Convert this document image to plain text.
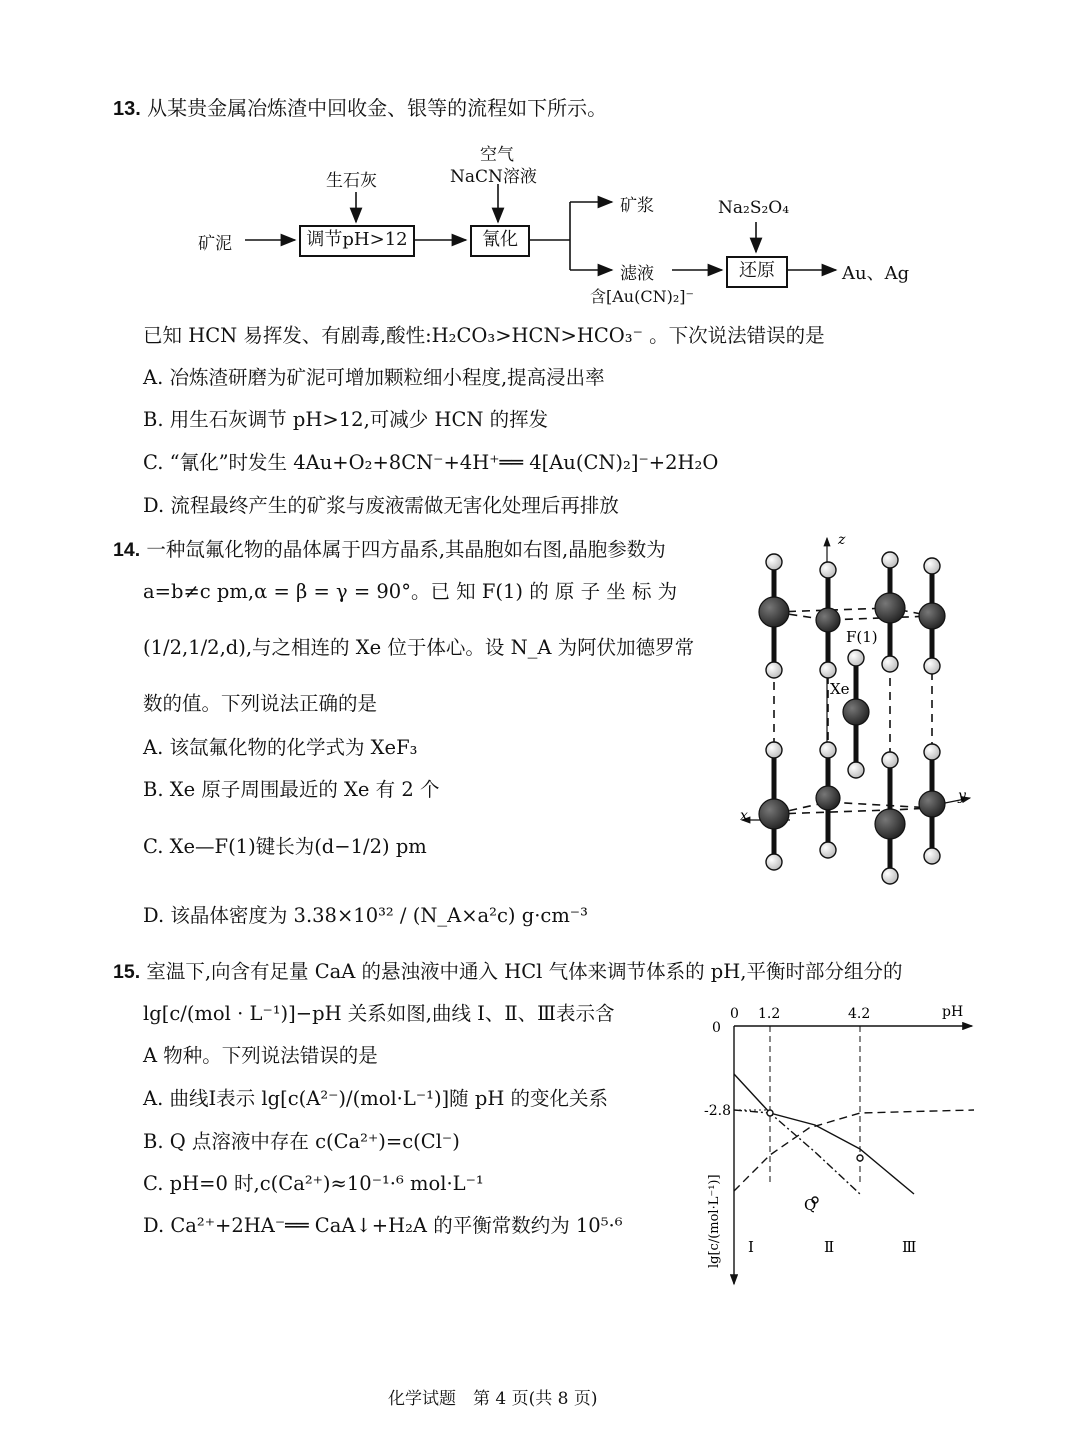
13. 从某贵金属冶炼渣中回收金、银等的流程如下所示。
矿泥
生石灰
调节pH>12
空气
NaCN溶液
氰化
矿浆
滤液
含[Au(CN)₂]⁻
Na₂S₂O₄
还原	Au、Ag
已知 HCN 易挥发、有剧毒,酸性:H₂CO₃>HCN>HCO₃⁻ 。下次说法错误的是
A. 冶炼渣研磨为矿泥可增加颗粒细小程度,提高浸出率
B. 用生石灰调节 pH>12,可减少 HCN 的挥发
C. “氰化”时发生 4Au+O₂+8CN⁻+4H⁺══ 4[Au(CN)₂]⁻+2H₂O
D. 流程最终产生的矿浆与废液需做无害化处理后再排放
14. 一种氙氟化物的晶体属于四方晶系,其晶胞如右图,晶胞参数为
a=b≠c pm,α = β = γ = 90°。已 知 F(1) 的 原 子 坐 标 为
(1/2,1/2,d),与之相连的 Xe 位于体心。设 N_A 为阿伏加德罗常
数的值。下列说法正确的是
A. 该氙氟化物的化学式为 XeF₃
B. Xe 原子周围最近的 Xe 有 2 个
C. Xe—F(1)键长为(d−1/2) pm
D. 该晶体密度为 3.38×10³² / (N_A×a²c) g·cm⁻³
z
y
x
F(1)
Xe
15. 室温下,向含有足量 CaA 的悬浊液中通入 HCl 气体来调节体系的 pH,平衡时部分组分的
lg[c/(mol · L⁻¹)]−pH 关系如图,曲线 Ⅰ、Ⅱ、Ⅲ表示含
A 物种。下列说法错误的是
A. 曲线Ⅰ表示 lg[c(A²⁻)/(mol·L⁻¹)]随 pH 的变化关系
B. Q 点溶液中存在 c(Ca²⁺)=c(Cl⁻)
C. pH=0 时,c(Ca²⁺)≈10⁻¹·⁶ mol·L⁻¹
D. Ca²⁺+2HA⁻══ CaA↓+H₂A 的平衡常数约为 10⁵·⁶
0 1.2	4.2
0
-2.8
pH
lg[c/(mol·L⁻¹)] Ⅰ	Ⅱ	Ⅲ
Q
化学试题　第 4 页(共 8 页)
